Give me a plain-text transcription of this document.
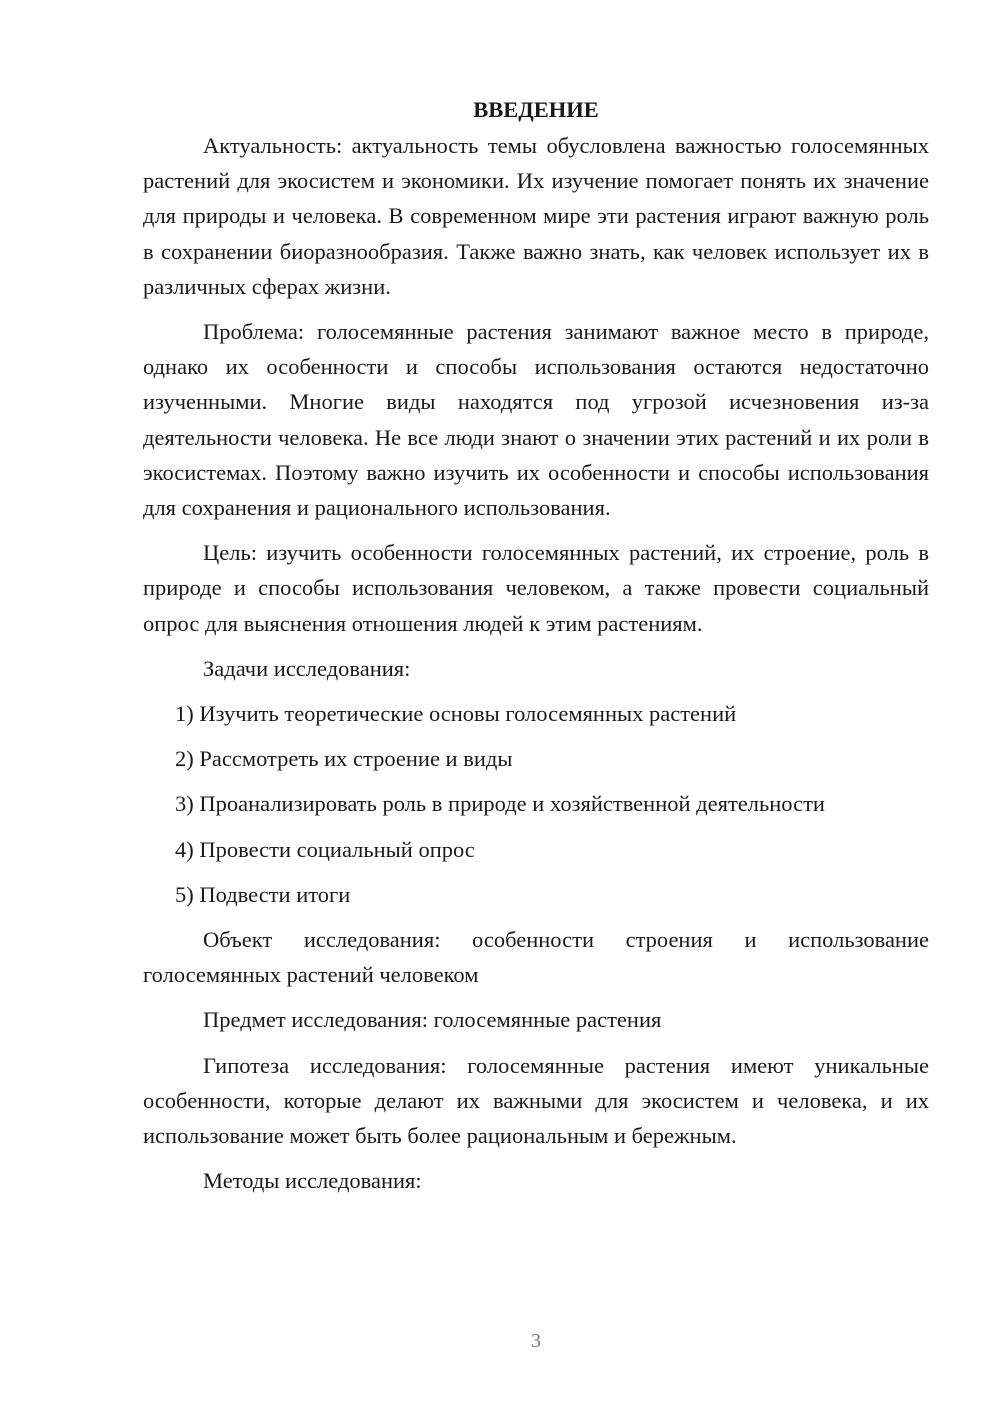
ВВЕДЕНИЕ

Актуальность: актуальность темы обусловлена важностью голосемянных растений для экосистем и экономики. Их изучение помогает понять их значение для природы и человека. В современном мире эти растения играют важную роль в сохранении биоразнообразия. Также важно знать, как человек использует их в различных сферах жизни.

Проблема: голосемянные растения занимают важное место в природе, однако их особенности и способы использования остаются недостаточно изученными. Многие виды находятся под угрозой исчезновения из-за деятельности человека. Не все люди знают о значении этих растений и их роли в экосистемах. Поэтому важно изучить их особенности и способы использования для сохранения и рационального использования.

Цель: изучить особенности голосемянных растений, их строение, роль в природе и способы использования человеком, а также провести социальный опрос для выяснения отношения людей к этим растениям.

Задачи исследования:

1) Изучить теоретические основы голосемянных растений

2) Рассмотреть их строение и виды

3) Проанализировать роль в природе и хозяйственной деятельности

4) Провести социальный опрос

5) Подвести итоги

Объект исследования: особенности строения и использование голосемянных растений человеком

Предмет исследования: голосемянные растения

Гипотеза исследования: голосемянные растения имеют уникальные особенности, которые делают их важными для экосистем и человека, и их использование может быть более рациональным и бережным.

Методы исследования:

3
